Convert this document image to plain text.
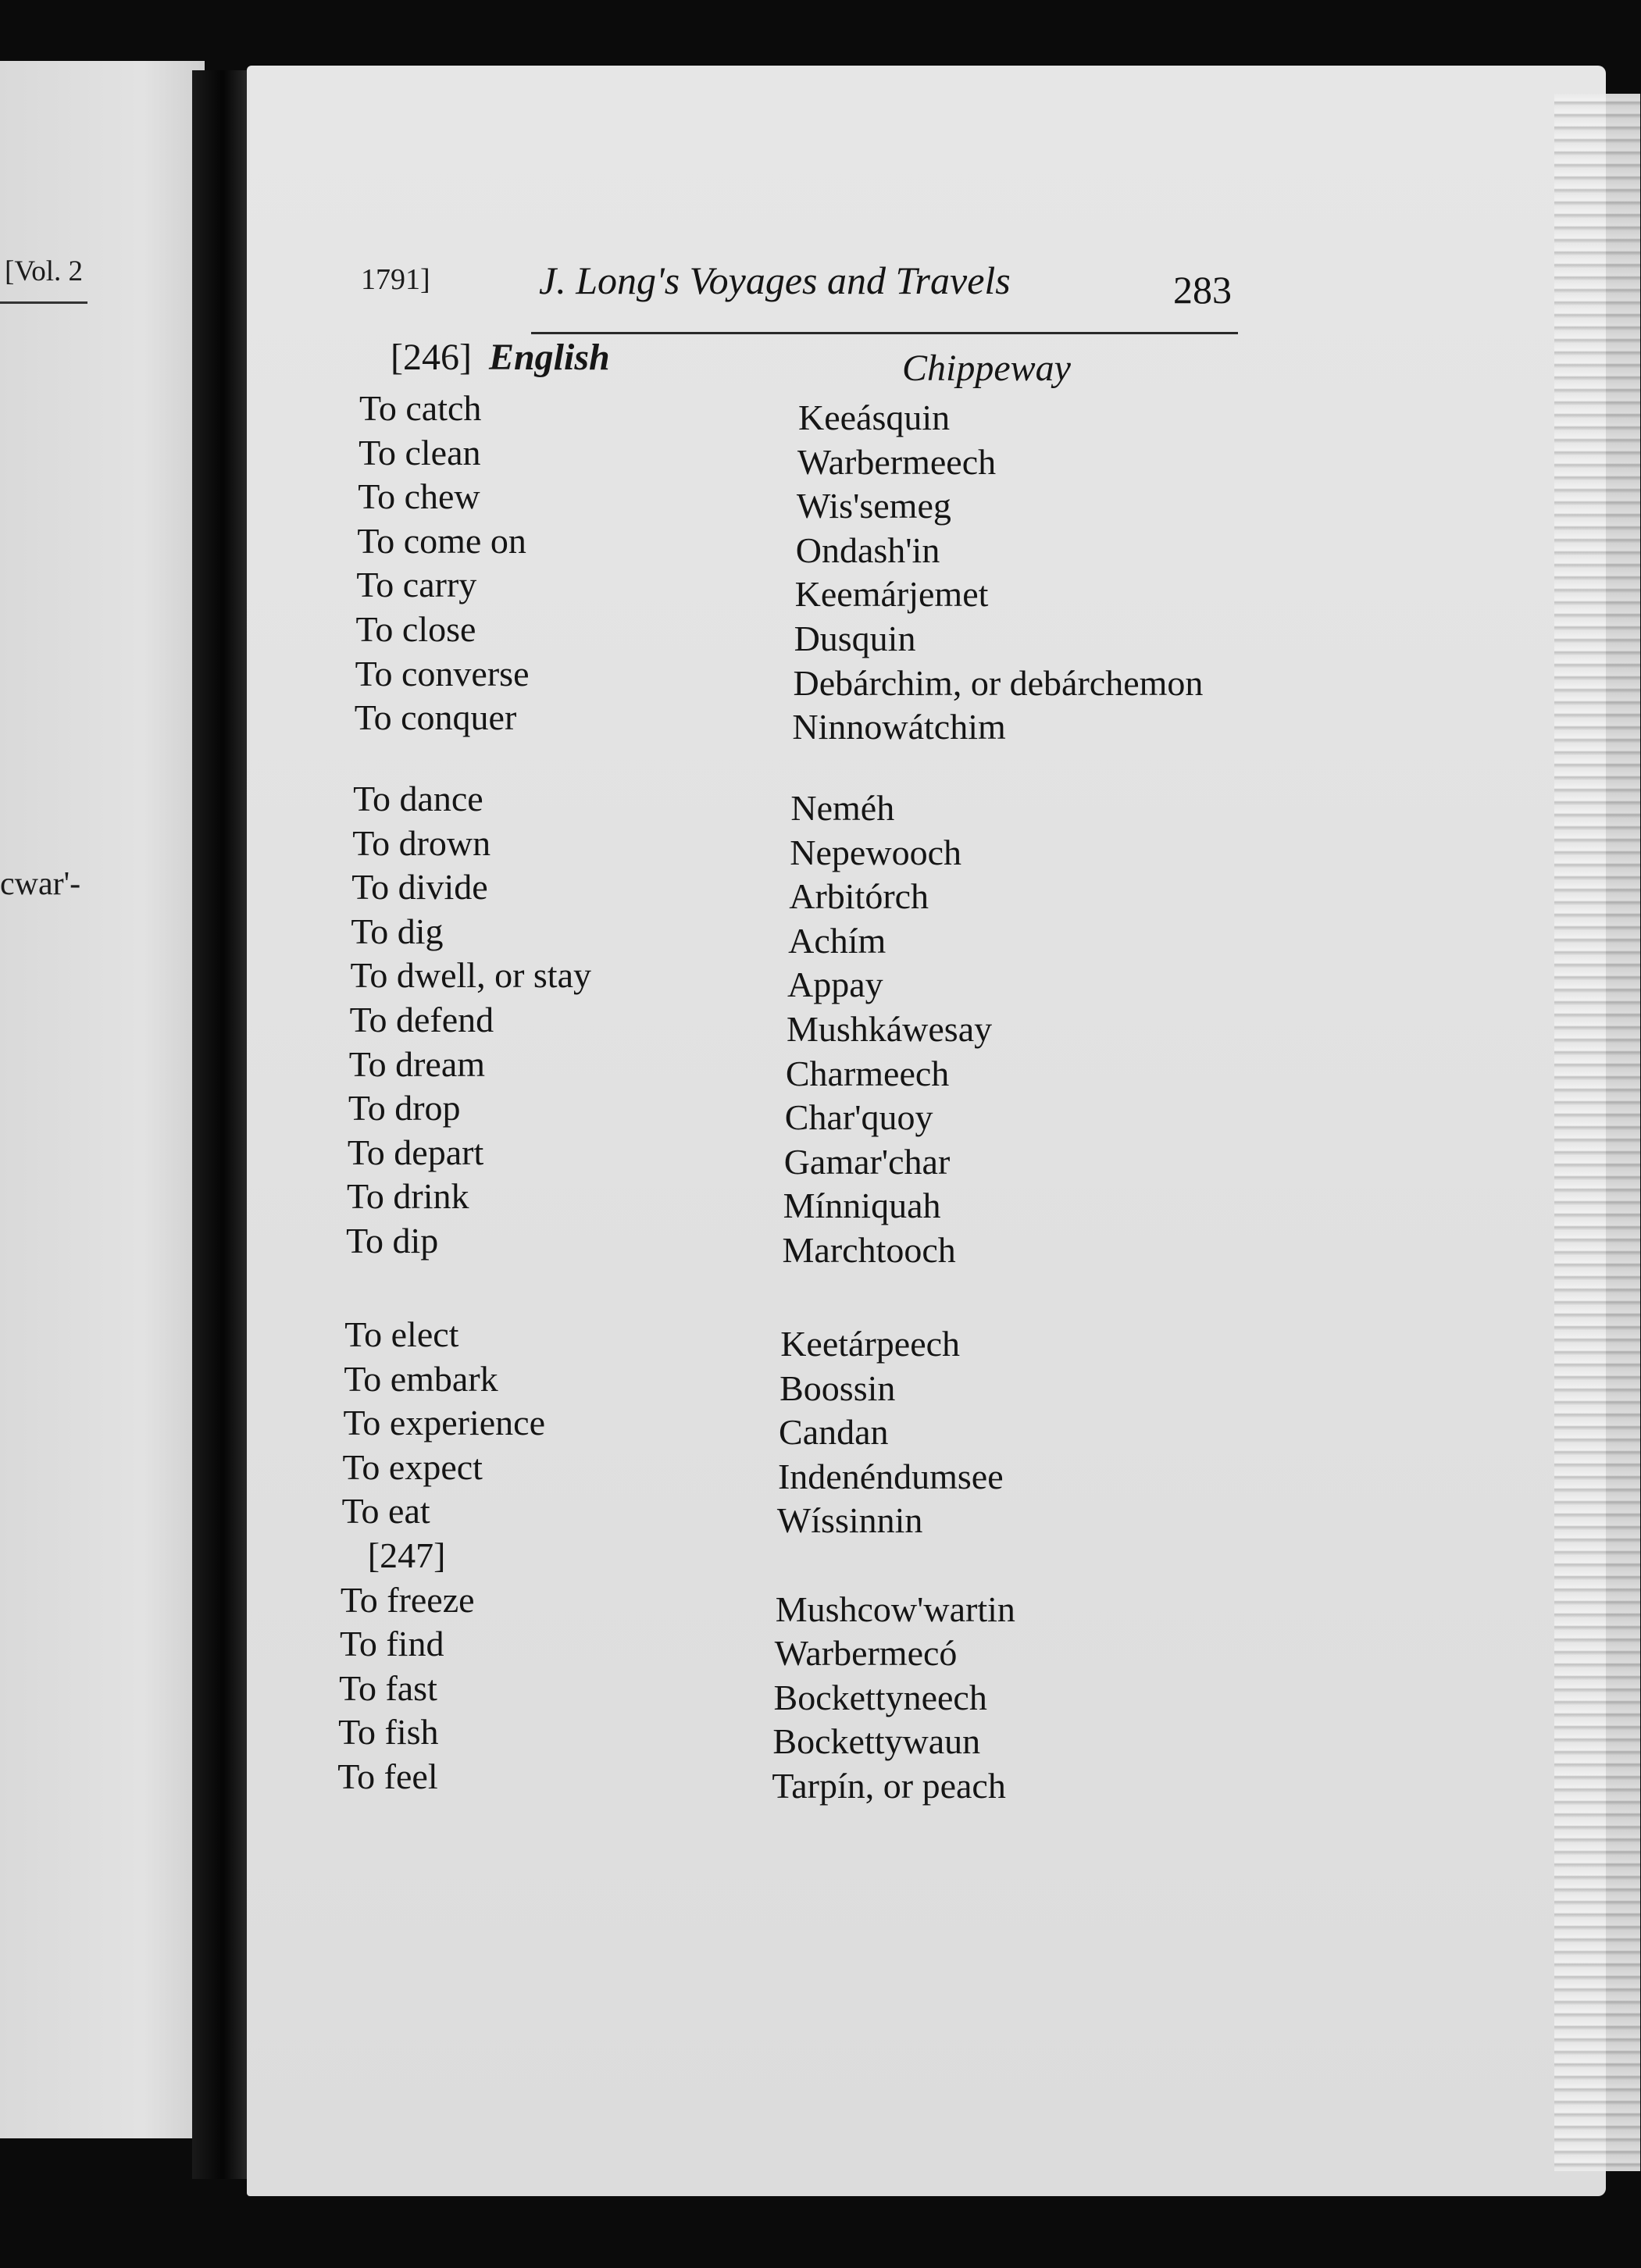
[Vol. 2
cwar'-
1791]	J. Long's Voyages and Travels	283
[246] English	Chippeway
[247]
To catch	Keeásquin
To clean	Warbermeech
To chew	Wis'semeg
To come on	Ondash'in
To carry	Keemárjemet
To close	Dusquin
To converse	Debárchim, or debárchemon
To conquer	Ninnowátchim
To dance	Neméh
To drown	Nepewooch
To divide	Arbitórch
To dig	Achím
To dwell, or stay	Appay
To defend	Mushkáwesay
To dream	Charmeech
To drop	Char'quoy
To depart	Gamar'char
To drink	Mínniquah
To dip	Marchtooch
To elect	Keetárpeech
To embark	Boossin
To experience	Candan
To expect	Indenéndumsee
To eat	Wíssinnin
To freeze	Mushcow'wartin
To find	Warbermecó
To fast	Bockettyneech
To fish	Bockettywaun
To feel	Tarpín, or peach
